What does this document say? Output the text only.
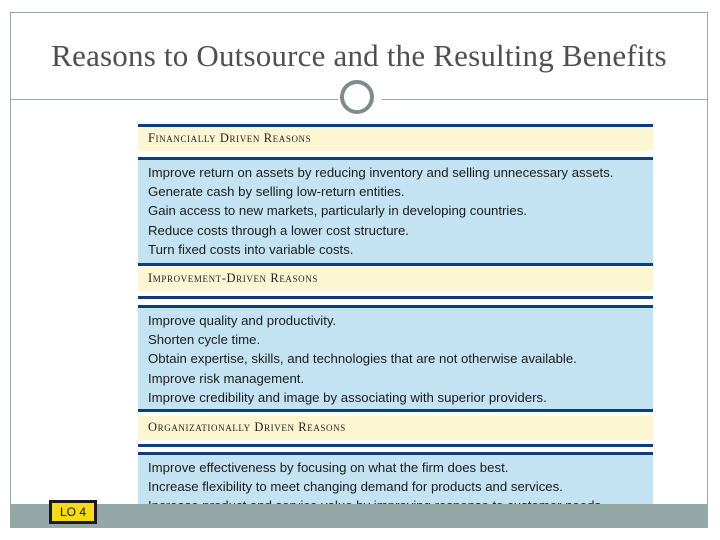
Reasons to Outsource and the Resulting Benefits
Financially Driven Reasons
Improve return on assets by reducing inventory and selling unnecessary assets.
Generate cash by selling low-return entities.
Gain access to new markets, particularly in developing countries.
Reduce costs through a lower cost structure.
Turn fixed costs into variable costs.
Improvement-Driven Reasons
Improve quality and productivity.
Shorten cycle time.
Obtain expertise, skills, and technologies that are not otherwise available.
Improve risk management.
Improve credibility and image by associating with superior providers.
Organizationally Driven Reasons
Improve effectiveness by focusing on what the firm does best.
Increase flexibility to meet changing demand for products and services.
LO 4
